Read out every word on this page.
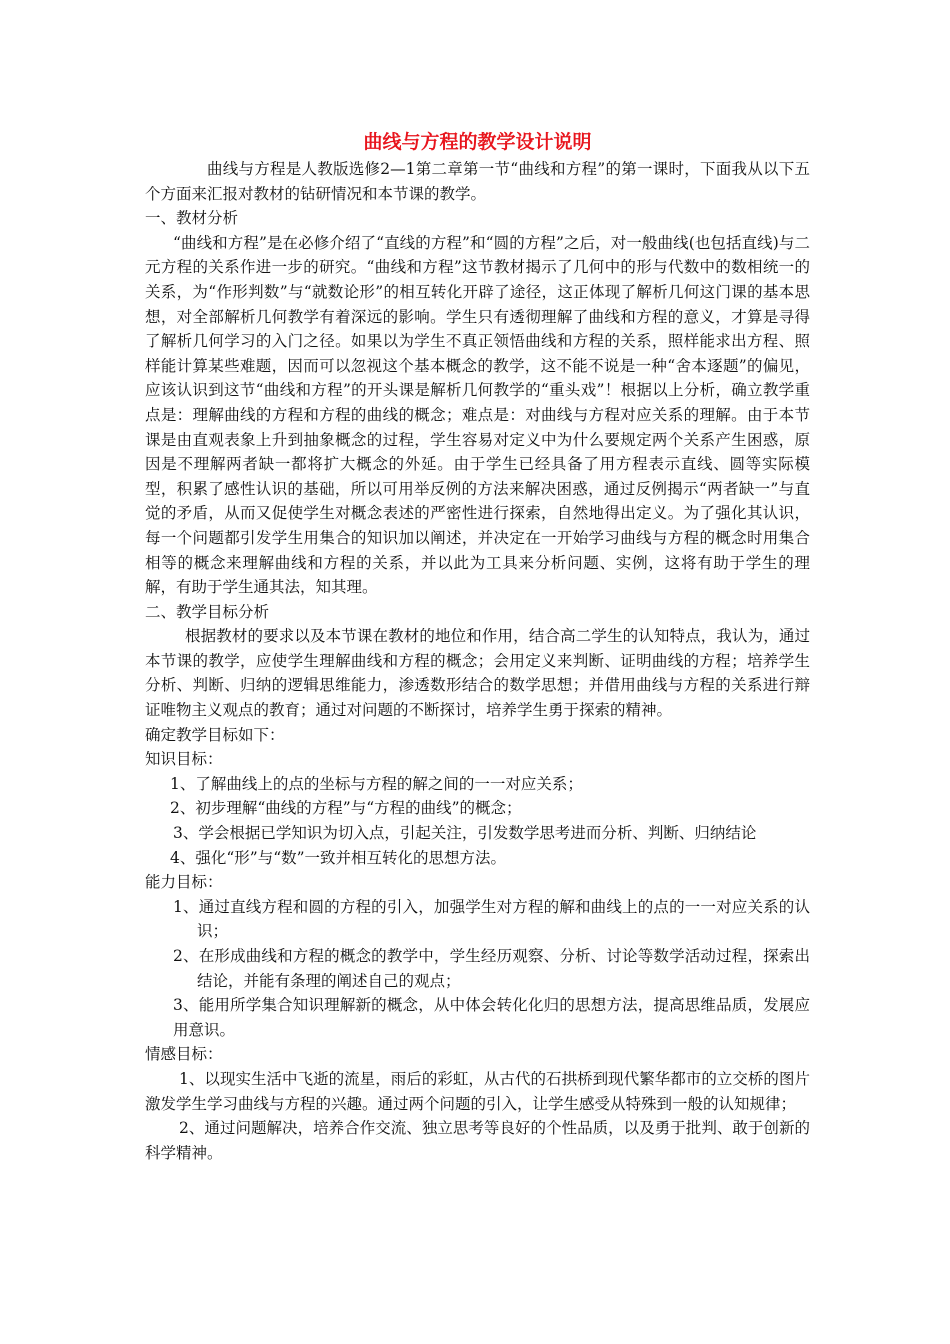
曲线与方程的教学设计说明

曲线与方程是人教版选修2—1第二章第一节“曲线和方程”的第一课时，下面我从以下五个方面来汇报对教材的钻研情况和本节课的教学。

一、教材分析

“曲线和方程”是在必修介绍了“直线的方程”和“圆的方程”之后，对一般曲线(也包括直线)与二元方程的关系作进一步的研究。“曲线和方程”这节教材揭示了几何中的形与代数中的数相统一的关系，为“作形判数”与“就数论形”的相互转化开辟了途径，这正体现了解析几何这门课的基本思想，对全部解析几何教学有着深远的影响。学生只有透彻理解了曲线和方程的意义，才算是寻得了解析几何学习的入门之径。如果以为学生不真正领悟曲线和方程的关系，照样能求出方程、照样能计算某些难题，因而可以忽视这个基本概念的教学，这不能不说是一种“舍本逐题”的偏见，应该认识到这节“曲线和方程”的开头课是解析几何教学的“重头戏”！根据以上分析，确立教学重点是：理解曲线的方程和方程的曲线的概念；难点是：对曲线与方程对应关系的理解。由于本节课是由直观表象上升到抽象概念的过程，学生容易对定义中为什么要规定两个关系产生困惑，原因是不理解两者缺一都将扩大概念的外延。由于学生已经具备了用方程表示直线、圆等实际模型，积累了感性认识的基础，所以可用举反例的方法来解决困惑，通过反例揭示“两者缺一”与直觉的矛盾，从而又促使学生对概念表述的严密性进行探索，自然地得出定义。为了强化其认识，每一个问题都引发学生用集合的知识加以阐述，并决定在一开始学习曲线与方程的概念时用集合相等的概念来理解曲线和方程的关系，并以此为工具来分析问题、实例，这将有助于学生的理解，有助于学生通其法，知其理。

二、教学目标分析

根据教材的要求以及本节课在教材的地位和作用，结合高二学生的认知特点，我认为，通过本节课的教学，应使学生理解曲线和方程的概念；会用定义来判断、证明曲线的方程；培养学生分析、判断、归纳的逻辑思维能力，渗透数形结合的数学思想；并借用曲线与方程的关系进行辩证唯物主义观点的教育；通过对问题的不断探讨，培养学生勇于探索的精神。

确定教学目标如下：

知识目标：

1、了解曲线上的点的坐标与方程的解之间的一一对应关系；

2、初步理解“曲线的方程”与“方程的曲线”的概念；

3、学会根据已学知识为切入点，引起关注，引发数学思考进而分析、判断、归纳结论

4、强化“形”与“数”一致并相互转化的思想方法。

能力目标：

1、通过直线方程和圆的方程的引入，加强学生对方程的解和曲线上的点的一一对应关系的认识；

2、在形成曲线和方程的概念的教学中，学生经历观察、分析、讨论等数学活动过程，探索出结论，并能有条理的阐述自己的观点；

3、能用所学集合知识理解新的概念，从中体会转化化归的思想方法，提高思维品质，发展应用意识。

情感目标：

1、以现实生活中飞逝的流星，雨后的彩虹，从古代的石拱桥到现代繁华都市的立交桥的图片激发学生学习曲线与方程的兴趣。通过两个问题的引入，让学生感受从特殊到一般的认知规律；

2、通过问题解决，培养合作交流、独立思考等良好的个性品质，以及勇于批判、敢于创新的科学精神。
